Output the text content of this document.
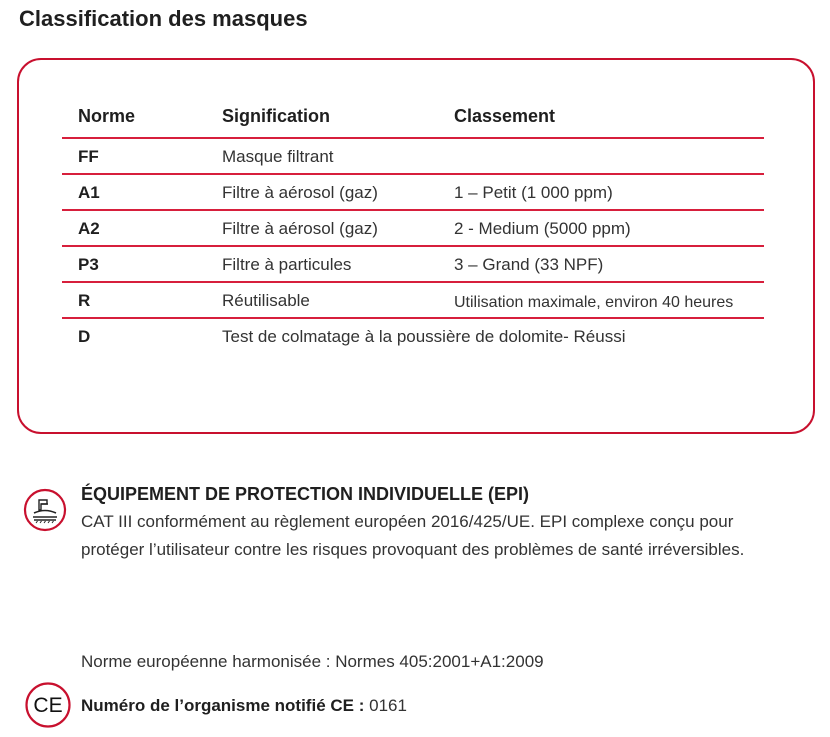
Classification des masques
Norme	Signification	Classement
FF	Masque filtrant
A1	Filtre à aérosol (gaz)	1 – Petit (1 000 ppm)
A2	Filtre à aérosol (gaz)	2 - Medium (5000 ppm)
P3	Filtre à particules	3 – Grand (33 NPF)
R	Réutilisable	Utilisation maximale, environ 40 heures
D	Test de colmatage à la poussière de dolomite- Réussi
ÉQUIPEMENT DE PROTECTION INDIVIDUELLE (EPI)

CAT III conformément au règlement européen 2016/425/UE. EPI complexe conçu pour protéger l’utilisateur contre les risques provoquant des problèmes de santé irréversibles.

Norme européenne harmonisée : Normes 405:2001+A1:2009

CE Numéro de l’organisme notifié CE : 0161
